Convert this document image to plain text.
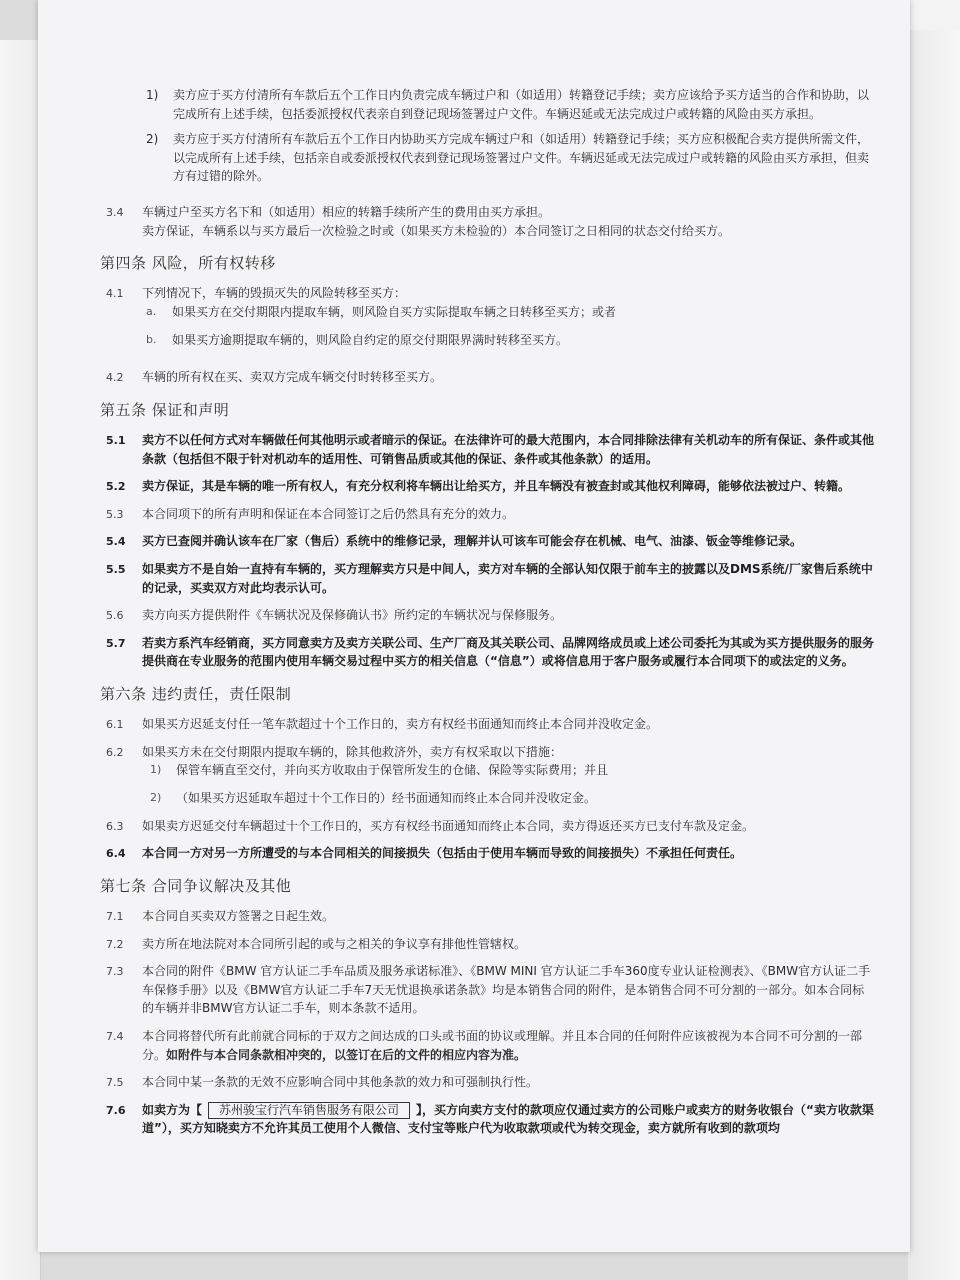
1)	卖方应于买方付清所有车款后五个工作日内负责完成车辆过户和（如适用）转籍登记手续；卖方应该给予买方适当的合作和协助，以完成所有上述手续，包括委派授权代表亲自到登记现场签署过户文件。车辆迟延或无法完成过户或转籍的风险由买方承担。
2)	卖方应于买方付清所有车款后五个工作日内协助买方完成车辆过户和（如适用）转籍登记手续；买方应积极配合卖方提供所需文件，以完成所有上述手续，包括亲自或委派授权代表到登记现场签署过户文件。车辆迟延或无法完成过户或转籍的风险由买方承担，但卖方有过错的除外。
3.4	车辆过户至买方名下和（如适用）相应的转籍手续所产生的费用由买方承担。
卖方保证，车辆系以与买方最后一次检验之时或（如果买方未检验的）本合同签订之日相同的状态交付给买方。
第四条 风险，所有权转移
4.1	下列情况下，车辆的毁损灭失的风险转移至买方：
a.	如果买方在交付期限内提取车辆，则风险自买方实际提取车辆之日转移至买方；或者
b.	如果买方逾期提取车辆的，则风险自约定的原交付期限界满时转移至买方。
4.2	车辆的所有权在买、卖双方完成车辆交付时转移至买方。
第五条 保证和声明
5.1	卖方不以任何方式对车辆做任何其他明示或者暗示的保证。在法律许可的最大范围内，本合同排除法律有关机动车的所有保证、条件或其他条款（包括但不限于针对机动车的适用性、可销售品质或其他的保证、条件或其他条款）的适用。
5.2	卖方保证，其是车辆的唯一所有权人，有充分权利将车辆出让给买方，并且车辆没有被查封或其他权利障碍，能够依法被过户、转籍。
5.3	本合同项下的所有声明和保证在本合同签订之后仍然具有充分的效力。
5.4	买方已查阅并确认该车在厂家（售后）系统中的维修记录，理解并认可该车可能会存在机械、电气、油漆、钣金等维修记录。
5.5	如果卖方不是自始一直持有车辆的，买方理解卖方只是中间人，卖方对车辆的全部认知仅限于前车主的披露以及DMS系统/厂家售后系统中的记录，买卖双方对此均表示认可。
5.6	卖方向买方提供附件《车辆状况及保修确认书》所约定的车辆状况与保修服务。
5.7	若卖方系汽车经销商，买方同意卖方及卖方关联公司、生产厂商及其关联公司、品牌网络成员或上述公司委托为其或为买方提供服务的服务提供商在专业服务的范围内使用车辆交易过程中买方的相关信息（“信息”）或将信息用于客户服务或履行本合同项下的或法定的义务。
第六条 违约责任，责任限制
6.1	如果买方迟延支付任一笔车款超过十个工作日的，卖方有权经书面通知而终止本合同并没收定金。
6.2	如果买方未在交付期限内提取车辆的，除其他救济外，卖方有权采取以下措施：
1)	保管车辆直至交付，并向买方收取由于保管所发生的仓储、保险等实际费用；并且
2)	（如果买方迟延取车超过十个工作日的）经书面通知而终止本合同并没收定金。
6.3	如果卖方迟延交付车辆超过十个工作日的，买方有权经书面通知而终止本合同，卖方得返还买方已支付车款及定金。
6.4	本合同一方对另一方所遭受的与本合同相关的间接损失（包括由于使用车辆而导致的间接损失）不承担任何责任。
第七条 合同争议解决及其他
7.1	本合同自买卖双方签署之日起生效。
7.2	卖方所在地法院对本合同所引起的或与之相关的争议享有排他性管辖权。
7.3	本合同的附件《BMW 官方认证二手车品质及服务承诺标准》、《BMW MINI 官方认证二手车360度专业认证检测表》、《BMW官方认证二手车保修手册》以及《BMW官方认证二手车7天无忧退换承诺条款》均是本销售合同的附件，是本销售合同不可分割的一部分。如本合同标的车辆并非BMW官方认证二手车，则本条款不适用。
7.4	本合同将替代所有此前就合同标的于双方之间达成的口头或书面的协议或理解。并且本合同的任何附件应该被视为本合同不可分割的一部分。如附件与本合同条款相冲突的，以签订在后的文件的相应内容为准。
7.5	本合同中某一条款的无效不应影响合同中其他条款的效力和可强制执行性。
7.6	如卖方为【 苏州骏宝行汽车销售服务有限公司 】，买方向卖方支付的款项应仅通过卖方的公司账户或卖方的财务收银台（“卖方收款渠道”），买方知晓卖方不允许其员工使用个人微信、支付宝等账户代为收取款项或代为转交现金，卖方就所有收到的款项均
